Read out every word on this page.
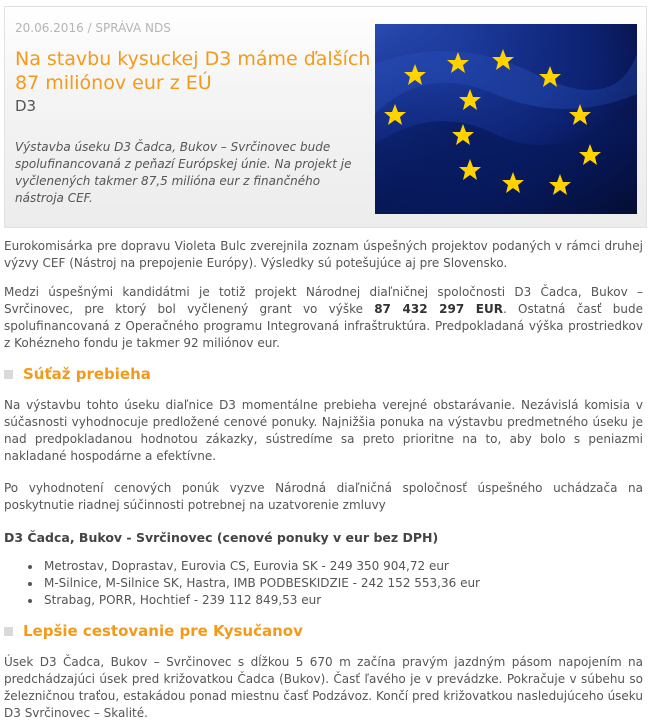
20.06.2016 / SPRÁVA NDS
Na stavbu kysuckej D3 máme ďalších 87 miliónov eur z EÚ
D3

Výstavba úseku D3 Čadca, Bukov – Svrčinovec bude spolufinancovaná z peňazí Európskej únie. Na projekt je vyčlenených takmer 87,5 milióna eur z finančného nástroja CEF.

Eurokomisárka pre dopravu Violeta Bulc zverejnila zoznam úspešných projektov podaných v rámci druhej výzvy CEF (Nástroj na prepojenie Európy). Výsledky sú potešujúce aj pre Slovensko.

Medzi úspešnými kandidátmi je totiž projekt Národnej diaľničnej spoločnosti D3 Čadca, Bukov – Svrčinovec, pre ktorý bol vyčlenený grant vo výške 87 432 297 EUR. Ostatná časť bude spolufinancovaná z Operačného programu Integrovaná infraštruktúra. Predpokladaná výška prostriedkov z Kohézneho fondu je takmer 92 miliónov eur.

Súťaž prebieha

Na výstavbu tohto úseku diaľnice D3 momentálne prebieha verejné obstarávanie. Nezávislá komisia v súčasnosti vyhodnocuje predložené cenové ponuky. Najnižšia ponuka na výstavbu predmetného úseku je nad predpokladanou hodnotou zákazky, sústredíme sa preto prioritne na to, aby bolo s peniazmi nakladané hospodárne a efektívne.

Po vyhodnotení cenových ponúk vyzve Národná diaľničná spoločnosť úspešného uchádzača na poskytnutie riadnej súčinnosti potrebnej na uzatvorenie zmluvy

D3 Čadca, Bukov - Svrčinovec (cenové ponuky v eur bez DPH)
Metrostav, Doprastav, Eurovia CS, Eurovia SK - 249 350 904,72 eur
M-Silnice, M-Silnice SK, Hastra, IMB PODBESKIDZIE - 242 152 553,36 eur
Strabag, PORR, Hochtief - 239 112 849,53 eur
Lepšie cestovanie pre Kysučanov

Úsek D3 Čadca, Bukov – Svrčinovec s dĺžkou 5 670 m začína pravým jazdným pásom napojením na predchádzajúci úsek pred križovatkou Čadca (Bukov). Časť ľavého je v prevádzke. Pokračuje v súbehu so železničnou traťou, estakádou ponad miestnu časť Podzávoz. Končí pred križovatkou nasledujúceho úseku D3 Svrčinovec – Skalité.
